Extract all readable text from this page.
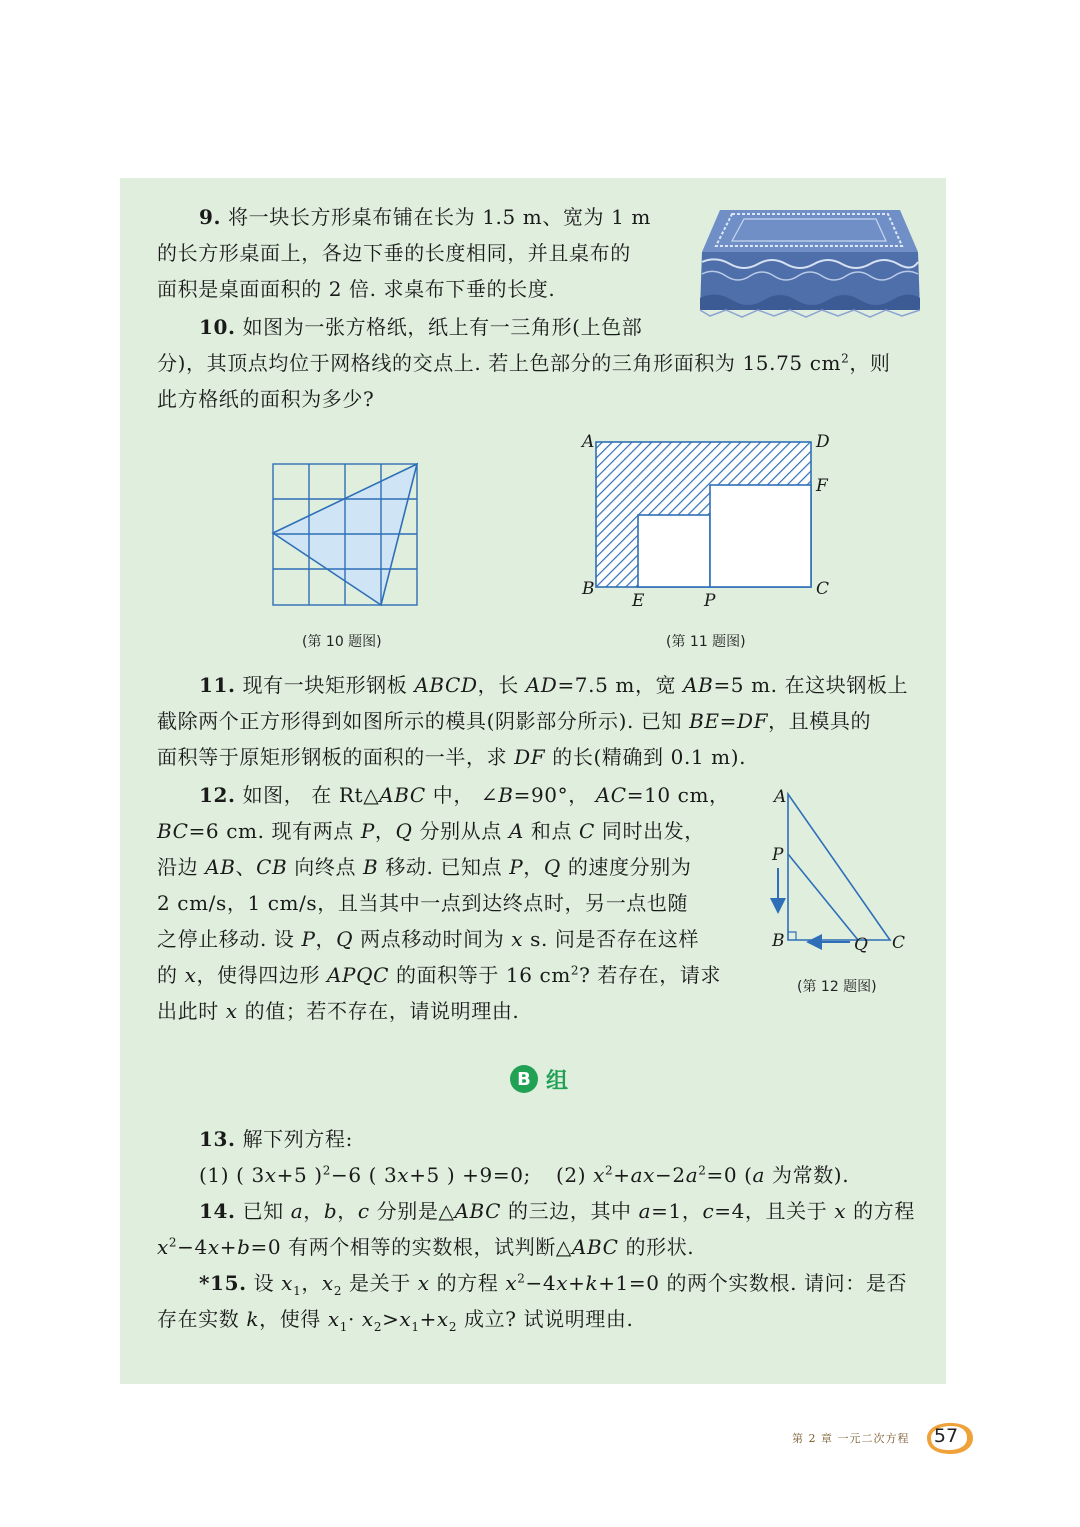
9. 将一块长方形桌布铺在长为 1.5 m、宽为 1 m
的长方形桌面上，各边下垂的长度相同，并且桌布的
面积是桌面面积的 2 倍. 求桌布下垂的长度.
10. 如图为一张方格纸，纸上有一三角形(上色部
分)，其顶点均位于网格线的交点上. 若上色部分的三角形面积为 15.75 $cm^2$，则
此方格纸的面积为多少?
(第 10 题图)
A	D
F
B
E	P
C
(第 11 题图)
11. 现有一块矩形钢板 ABCD，长 AD=7.5 m，宽 AB=5 m. 在这块钢板上
截除两个正方形得到如图所示的模具(阴影部分所示). 已知 BE=DF，且模具的
面积等于原矩形钢板的面积的一半，求 DF 的长(精确到 0.1 m).
12. 如图， 在 Rt△ABC 中， ∠B=90°， AC=10 cm，
BC=6 cm. 现有两点 P，Q 分别从点 A 和点 C 同时出发，
沿边 AB、CB 向终点 B 移动. 已知点 P，Q 的速度分别为
2 cm/s，1 cm/s，且当其中一点到达终点时，另一点也随
之停止移动. 设 P，Q 两点移动时间为 x s. 问是否存在这样
的 x，使得四边形 APQC 的面积等于 16 $cm^2$? 若存在，请求
出此时 x 的值；若不存在，请说明理由.
A
P
B	Q C
(第 12 题图)
B 组
13. 解下列方程:
(1) ( 3x+5 )$^2$−6 ( 3x+5 ) +9=0; (2) $x^2+ax-2a^2=0$ (a 为常数).
14. 已知 a，b，c 分别是△ABC 的三边，其中 a=1，c=4，且关于 x 的方程
$x^2-4x+b=0$ 有两个相等的实数根，试判断△ABC 的形状.
*15. 设 $x_1$，$x_2$ 是关于 x 的方程 $x^2-4x+k+1=0$ 的两个实数根. 请问：是否
存在实数 k，使得 $x_1\cdot x_2>x_1+x_2$ 成立? 试说明理由.
第 2 章 一元二次方程 57
